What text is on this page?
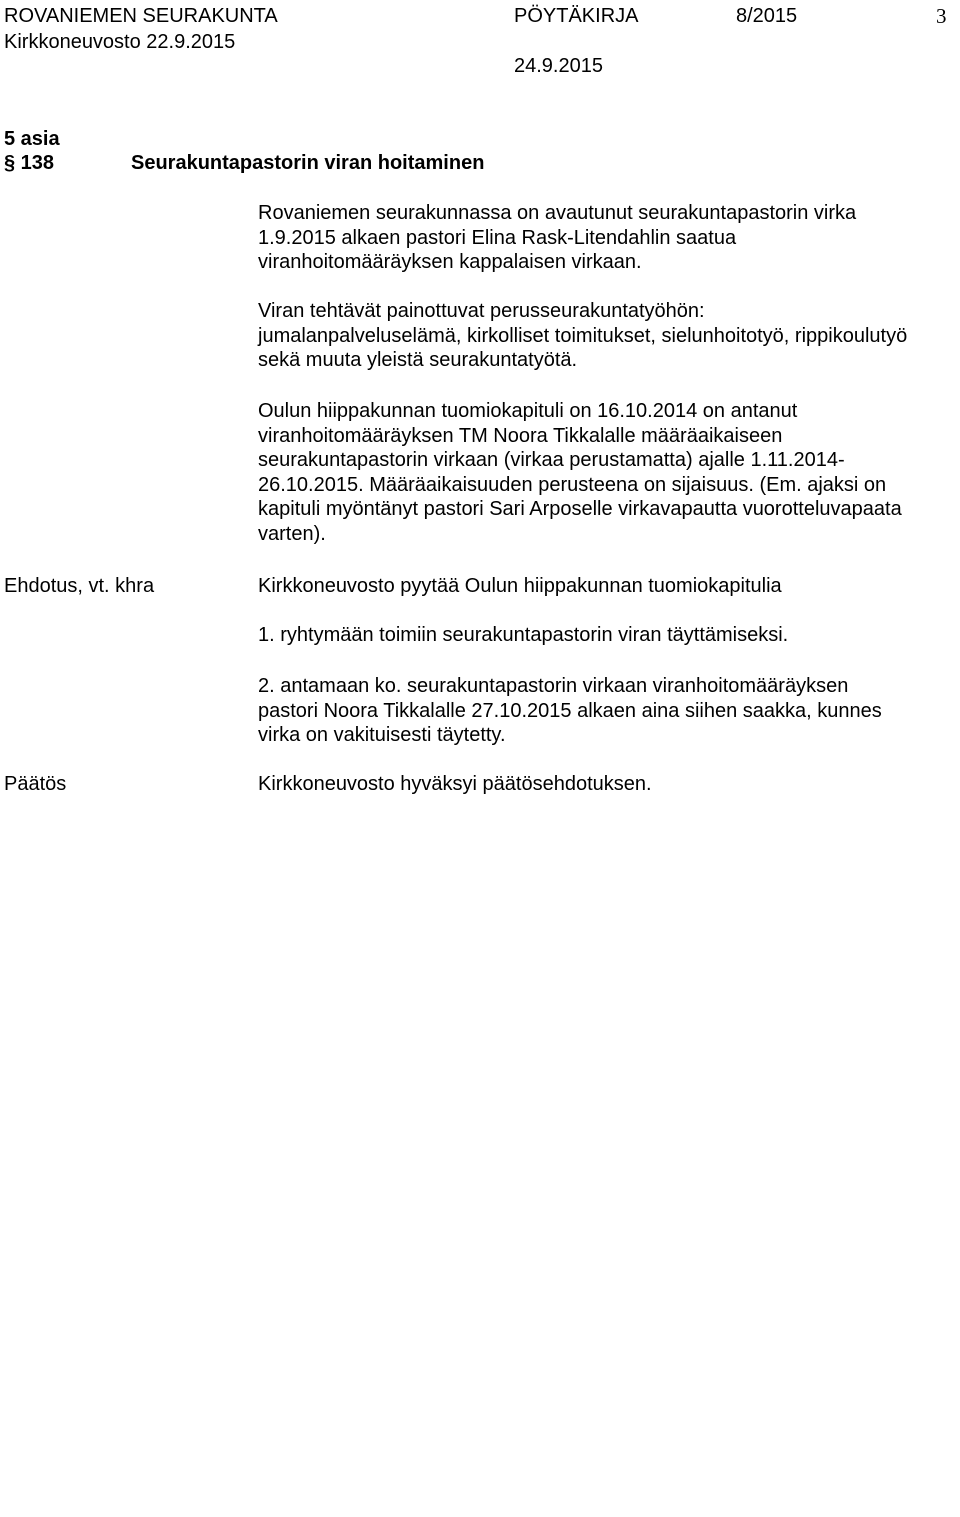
ROVANIEMEN SEURAKUNTA	PÖYTÄKIRJA	8/2015	3
Kirkkoneuvosto 22.9.2015
24.9.2015
5 asia
§ 138	Seurakuntapastorin viran hoitaminen
Rovaniemen seurakunnassa on avautunut seurakuntapastorin virka
1.9.2015 alkaen pastori Elina Rask-Litendahlin saatua
viranhoitomääräyksen kappalaisen virkaan.
Viran tehtävät painottuvat perusseurakuntatyöhön:
jumalanpalveluselämä, kirkolliset toimitukset, sielunhoitotyö, rippikoulutyö
sekä muuta yleistä seurakuntatyötä.
Oulun hiippakunnan tuomiokapituli on 16.10.2014 on antanut
viranhoitomääräyksen TM Noora Tikkalalle määräaikaiseen
seurakuntapastorin virkaan (virkaa perustamatta) ajalle 1.11.2014-
26.10.2015. Määräaikaisuuden perusteena on sijaisuus. (Em. ajaksi on
kapituli myöntänyt pastori Sari Arposelle virkavapautta vuorotteluvapaata
varten).
Ehdotus, vt. khra	Kirkkoneuvosto pyytää Oulun hiippakunnan tuomiokapitulia
1. ryhtymään toimiin seurakuntapastorin viran täyttämiseksi.
2. antamaan ko. seurakuntapastorin virkaan viranhoitomääräyksen
pastori Noora Tikkalalle 27.10.2015 alkaen aina siihen saakka, kunnes
virka on vakituisesti täytetty.
Päätös	Kirkkoneuvosto hyväksyi päätösehdotuksen.
